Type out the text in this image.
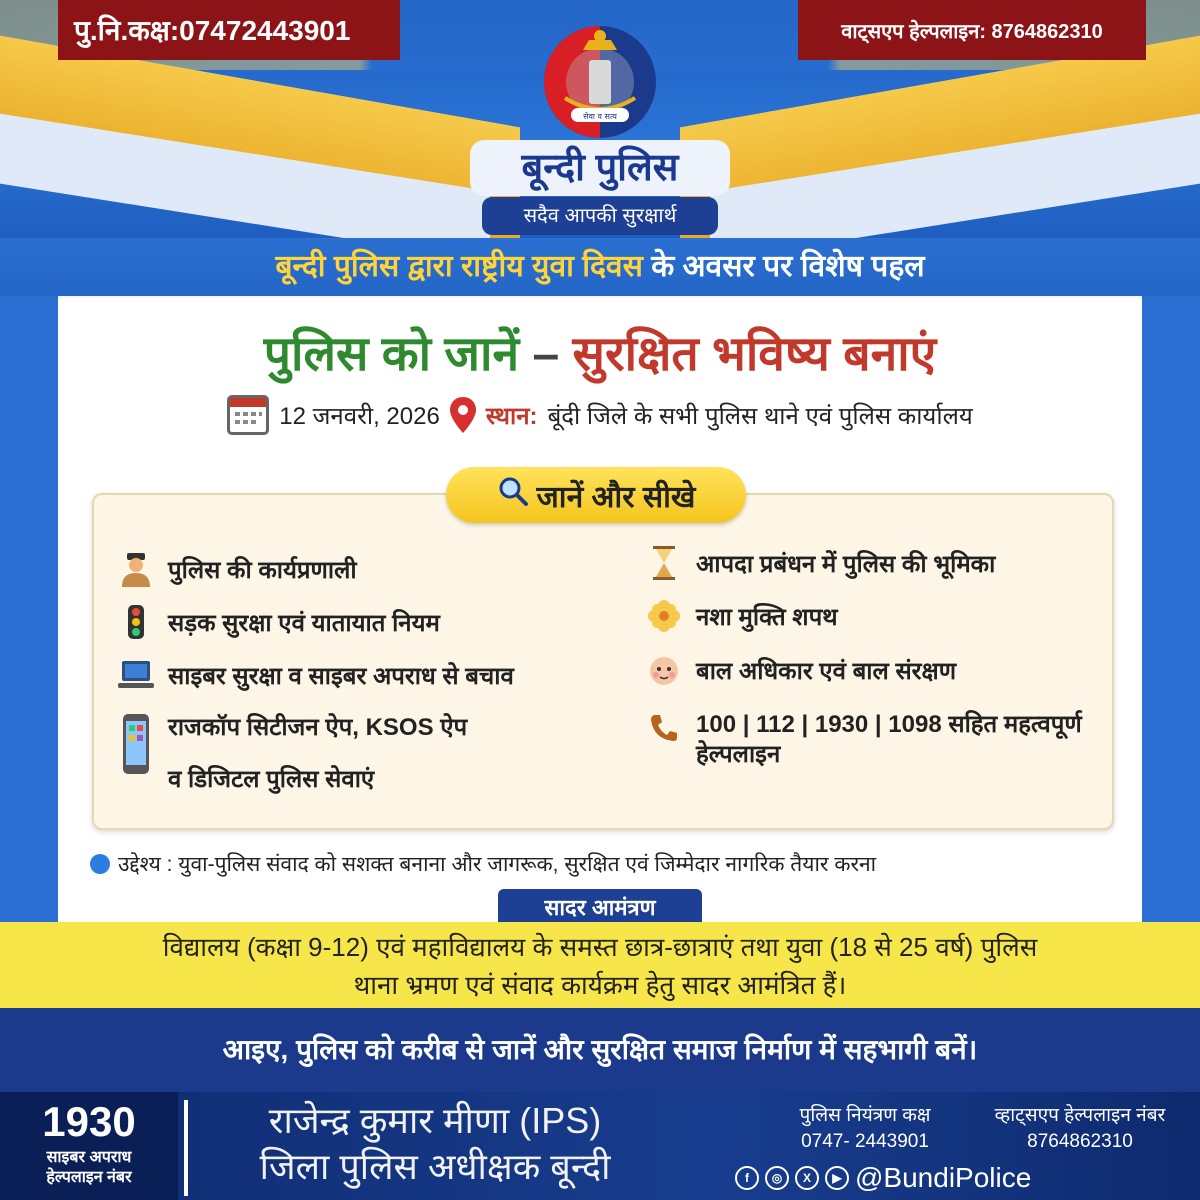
पु.नि.कक्ष:07472443901	वाट्सएप हेल्पलाइन: 8764862310
सेवा व सत्य
बून्दी पुलिस
सदैव आपकी सुरक्षार्थ
बून्दी पुलिस द्वारा राष्ट्रीय युवा दिवस के अवसर पर विशेष पहल
पुलिस को जानें – सुरक्षित भविष्य बनाएं
12 जनवरी, 2026 स्थान: बूंदी जिले के सभी पुलिस थाने एवं पुलिस कार्यालय
जानें और सीखे
पुलिस की कार्यप्रणाली
सड़क सुरक्षा एवं यातायात नियम
साइबर सुरक्षा व साइबर अपराध से बचाव
राजकॉप सिटीजन ऐप, KSOS ऐप
व डिजिटल पुलिस सेवाएं
आपदा प्रबंधन में पुलिस की भूमिका
नशा मुक्ति शपथ
बाल अधिकार एवं बाल संरक्षण
100 | 112 | 1930 | 1098 सहित महत्वपूर्ण
हेल्पलाइन
उद्देश्य : युवा-पुलिस संवाद को सशक्त बनाना और जागरूक, सुरक्षित एवं जिम्मेदार नागरिक तैयार करना
सादर आमंत्रण
विद्यालय (कक्षा 9-12) एवं महाविद्यालय के समस्त छात्र-छात्राएं तथा युवा (18 से 25 वर्ष) पुलिस
थाना भ्रमण एवं संवाद कार्यक्रम हेतु सादर आमंत्रित हैं।
आइए, पुलिस को करीब से जानें और सुरक्षित समाज निर्माण में सहभागी बनें।
1930
साइबर अपराध
हेल्पलाइन नंबर
राजेन्द्र कुमार मीणा (IPS)
जिला पुलिस अधीक्षक बून्दी
पुलिस नियंत्रण कक्ष
0747- 2443901
व्हाट्सएप हेल्पलाइन नंबर
8764862310
f	◎	X	▶ @BundiPolice
